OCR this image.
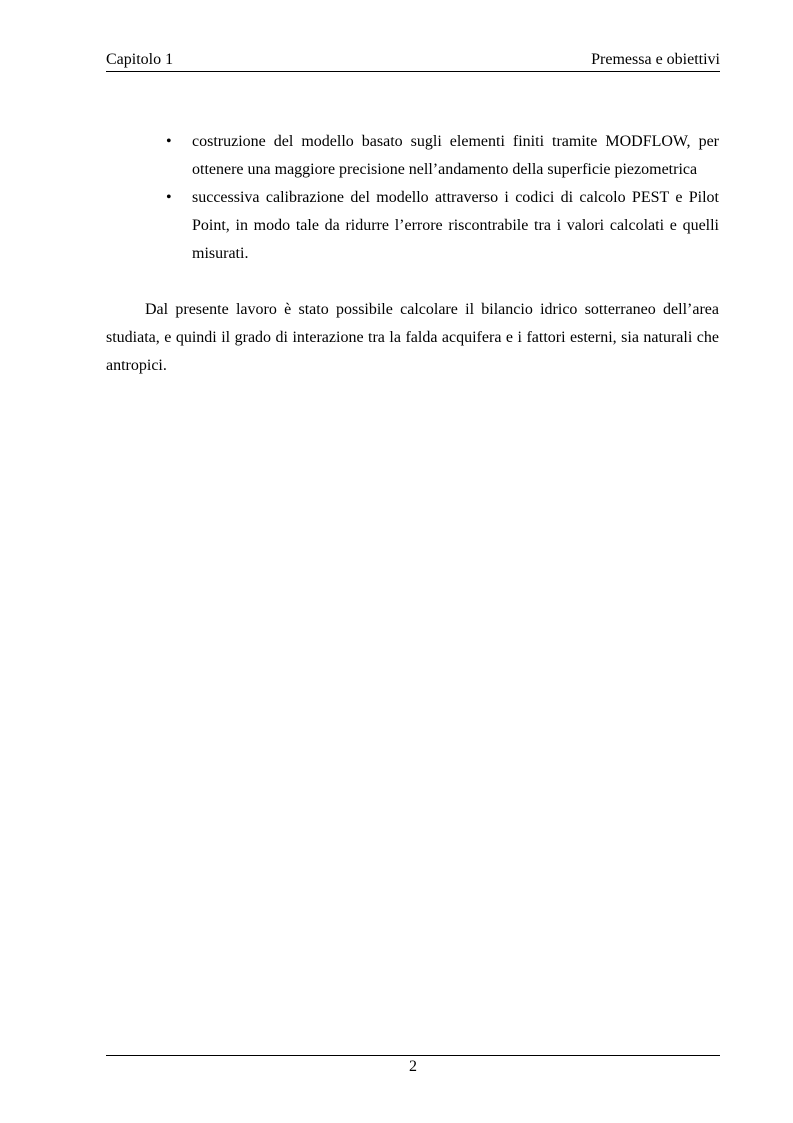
Capitolo 1	Premessa e obiettivi
• costruzione del modello basato sugli elementi finiti tramite MODFLOW, per ottenere una maggiore precisione nell’andamento della superficie piezometrica
• successiva calibrazione del modello attraverso i codici di calcolo PEST e Pilot Point, in modo tale da ridurre l’errore riscontrabile tra i valori calcolati e quelli misurati.

Dal presente lavoro è stato possibile calcolare il bilancio idrico sotterraneo dell’area studiata, e quindi il grado di interazione tra la falda acquifera e i fattori esterni, sia naturali che antropici.

2
